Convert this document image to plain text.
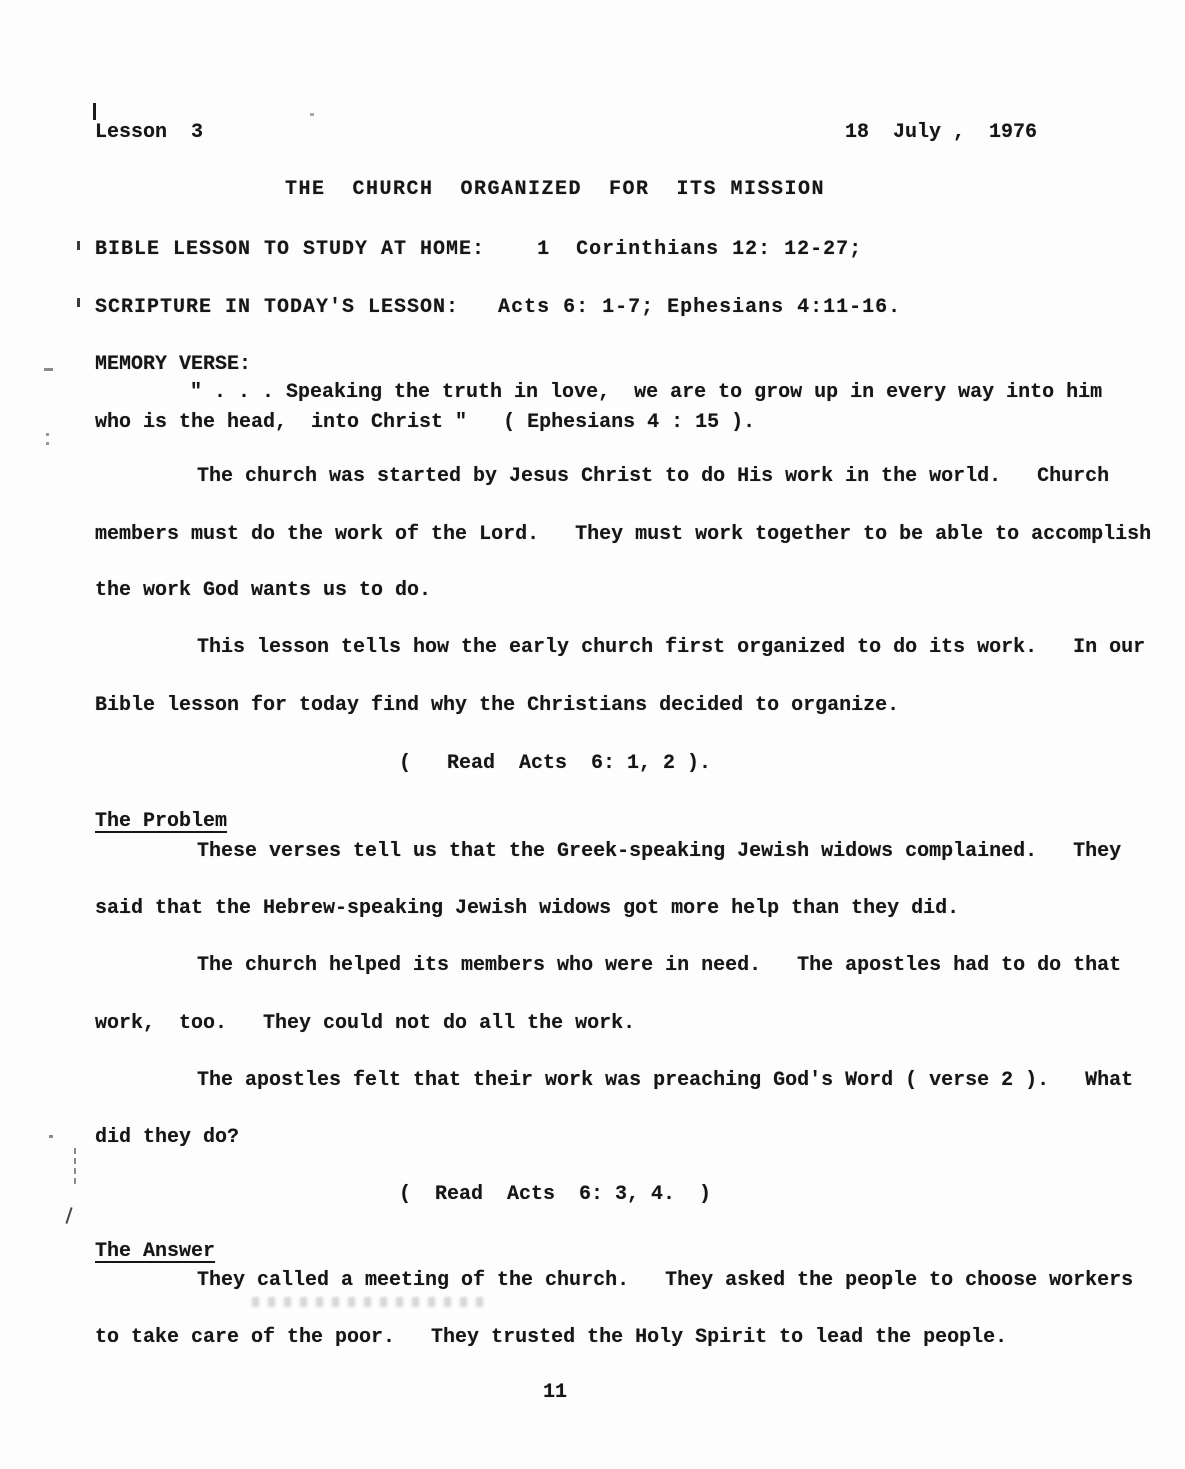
Lesson  3	18  July ,  1976
THE  CHURCH  ORGANIZED  FOR  ITS MISSION
BIBLE LESSON TO STUDY AT HOME:    1  Corinthians 12: 12-27;
SCRIPTURE IN TODAY'S LESSON:   Acts 6: 1-7; Ephesians 4:11-16.
MEMORY VERSE:
" . . . Speaking the truth in love,  we are to grow up in every way into him
who is the head,  into Christ "   ( Ephesians 4 : 15 ).
The church was started by Jesus Christ to do His work in the world.   Church
members must do the work of the Lord.   They must work together to be able to accomplish
the work God wants us to do.
This lesson tells how the early church first organized to do its work.   In our
Bible lesson for today find why the Christians decided to organize.
(   Read  Acts  6: 1, 2 ).
The Problem
These verses tell us that the Greek-speaking Jewish widows complained.   They
said that the Hebrew-speaking Jewish widows got more help than they did.
The church helped its members who were in need.   The apostles had to do that
work,  too.   They could not do all the work.
The apostles felt that their work was preaching God's Word ( verse 2 ).   What
did they do?
(  Read  Acts  6: 3, 4.  )
The Answer
They called a meeting of the church.   They asked the people to choose workers
to take care of the poor.   They trusted the Holy Spirit to lead the people.
11
